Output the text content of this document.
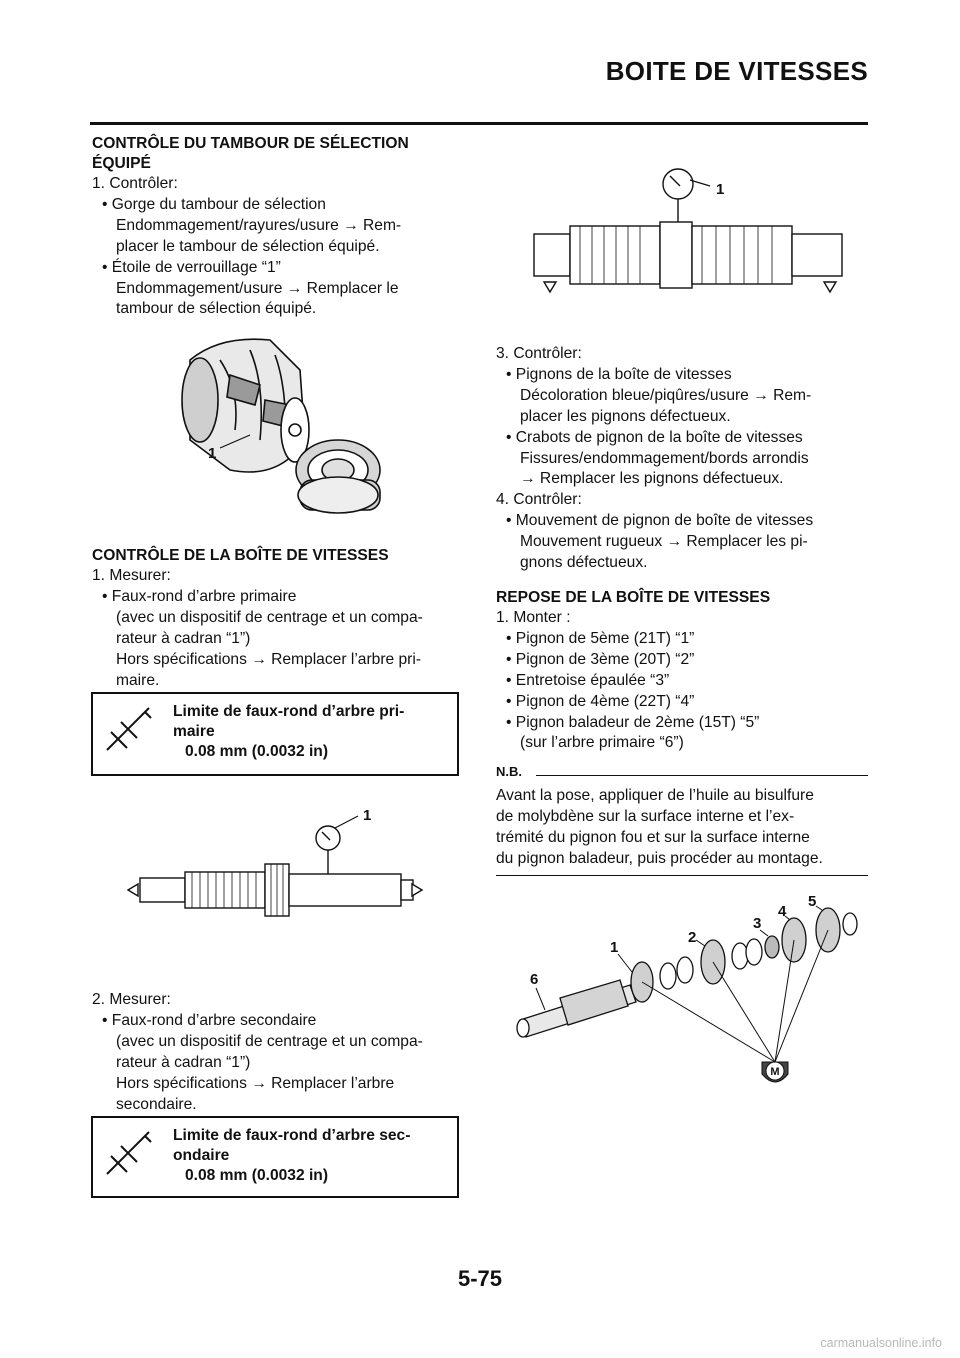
BOITE DE VITESSES

CONTRÔLE DU TAMBOUR DE SÉLECTION

ÉQUIPÉ

1. Contrôler:

• Gorge du tambour de sélection

Endommagement/rayures/usure → Rem-

placer le tambour de sélection équipé.

• Étoile de verrouillage “1”

Endommagement/usure → Remplacer le

tambour de sélection équipé.

1

CONTRÔLE DE LA BOÎTE DE VITESSES

1. Mesurer:

• Faux-rond d’arbre primaire

(avec un dispositif de centrage et un compa-

rateur à cadran “1”)

Hors spécifications → Remplacer l’arbre pri-

maire.

Limite de faux-rond d’arbre pri-
maire
0.08 mm (0.0032 in)
1

2. Mesurer:

• Faux-rond d’arbre secondaire

(avec un dispositif de centrage et un compa-

rateur à cadran “1”)

Hors spécifications → Remplacer l’arbre

secondaire.

Limite de faux-rond d’arbre sec-
ondaire
0.08 mm (0.0032 in)
1

3. Contrôler:

• Pignons de la boîte de vitesses

Décoloration bleue/piqûres/usure → Rem-

placer les pignons défectueux.

• Crabots de pignon de la boîte de vitesses

Fissures/endommagement/bords arrondis

→ Remplacer les pignons défectueux.

4. Contrôler:

• Mouvement de pignon de boîte de vitesses

Mouvement rugueux → Remplacer les pi-

gnons défectueux.

REPOSE DE LA BOÎTE DE VITESSES

1. Monter :

• Pignon de 5ème (21T) “1”

• Pignon de 3ème (20T) “2”

• Entretoise épaulée “3”

• Pignon de 4ème (22T) “4”

• Pignon baladeur de 2ème (15T) “5”

(sur l’arbre primaire “6”)

N.B.

Avant la pose, appliquer de l’huile au bisulfure

de molybdène sur la surface interne et l’ex-

trémité du pignon fou et sur la surface interne

du pignon baladeur, puis procéder au montage.

M
1
2
3
4
5
6
5-75
carmanualsonline.info
